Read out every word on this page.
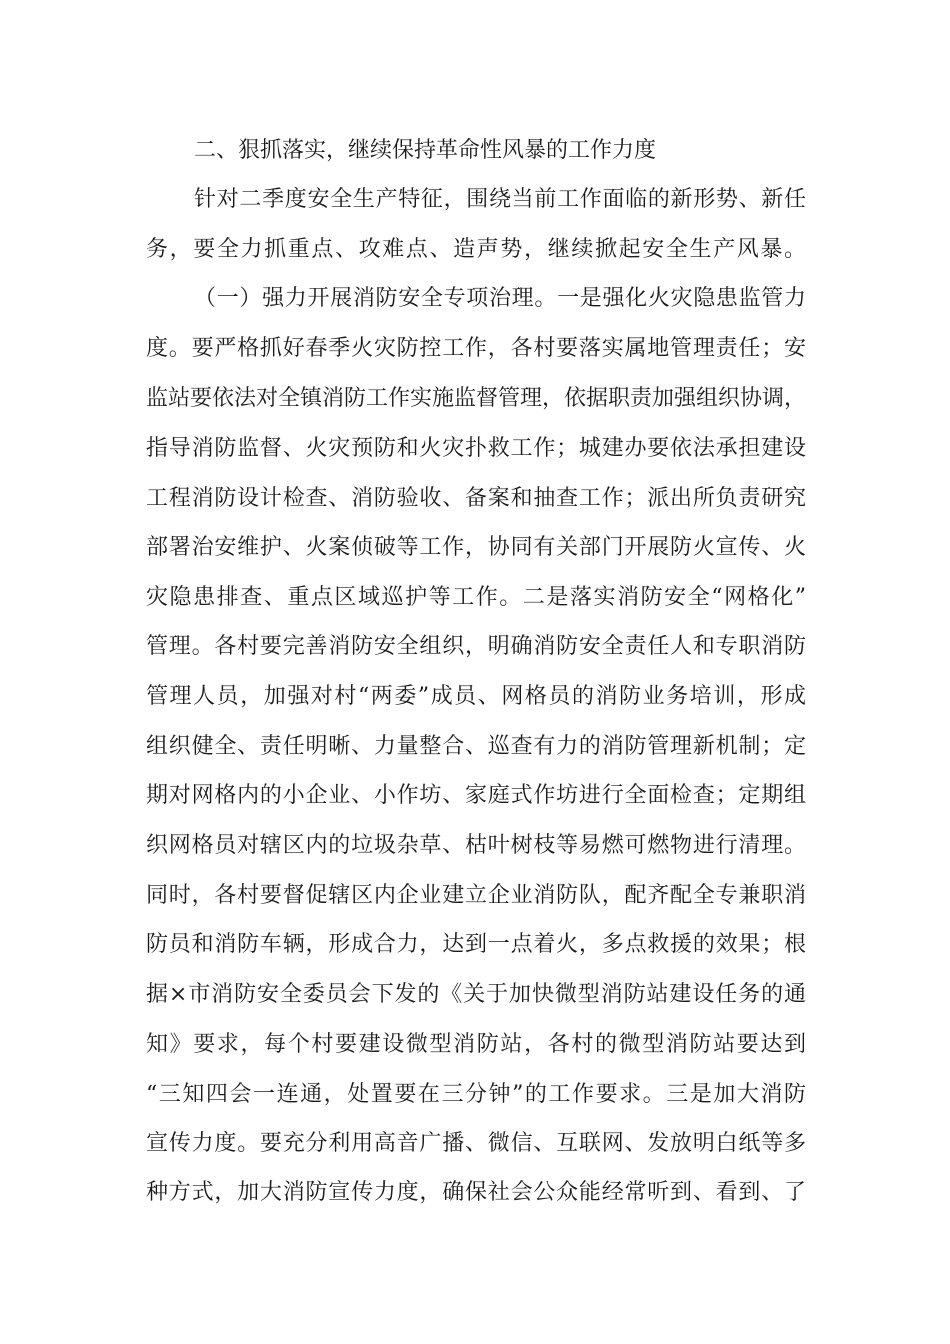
二、狠抓落实，继续保持革命性风暴的工作力度
针对二季度安全生产特征，围绕当前工作面临的新形势、新任
务，要全力抓重点、攻难点、造声势，继续掀起安全生产风暴。
（一）强力开展消防安全专项治理。一是强化火灾隐患监管力
度。要严格抓好春季火灾防控工作，各村要落实属地管理责任；安
监站要依法对全镇消防工作实施监督管理，依据职责加强组织协调，
指导消防监督、火灾预防和火灾扑救工作；城建办要依法承担建设
工程消防设计检查、消防验收、备案和抽查工作；派出所负责研究
部署治安维护、火案侦破等工作，协同有关部门开展防火宣传、火
灾隐患排查、重点区域巡护等工作。二是落实消防安全“网格化”
管理。各村要完善消防安全组织，明确消防安全责任人和专职消防
管理人员，加强对村“两委”成员、网格员的消防业务培训，形成
组织健全、责任明晰、力量整合、巡查有力的消防管理新机制；定
期对网格内的小企业、小作坊、家庭式作坊进行全面检查；定期组
织网格员对辖区内的垃圾杂草、枯叶树枝等易燃可燃物进行清理。
同时，各村要督促辖区内企业建立企业消防队，配齐配全专兼职消
防员和消防车辆，形成合力，达到一点着火，多点救援的效果；根
据×市消防安全委员会下发的《关于加快微型消防站建设任务的通
知》要求，每个村要建设微型消防站，各村的微型消防站要达到
“三知四会一连通，处置要在三分钟”的工作要求。三是加大消防
宣传力度。要充分利用高音广播、微信、互联网、发放明白纸等多
种方式，加大消防宣传力度，确保社会公众能经常听到、看到、了
